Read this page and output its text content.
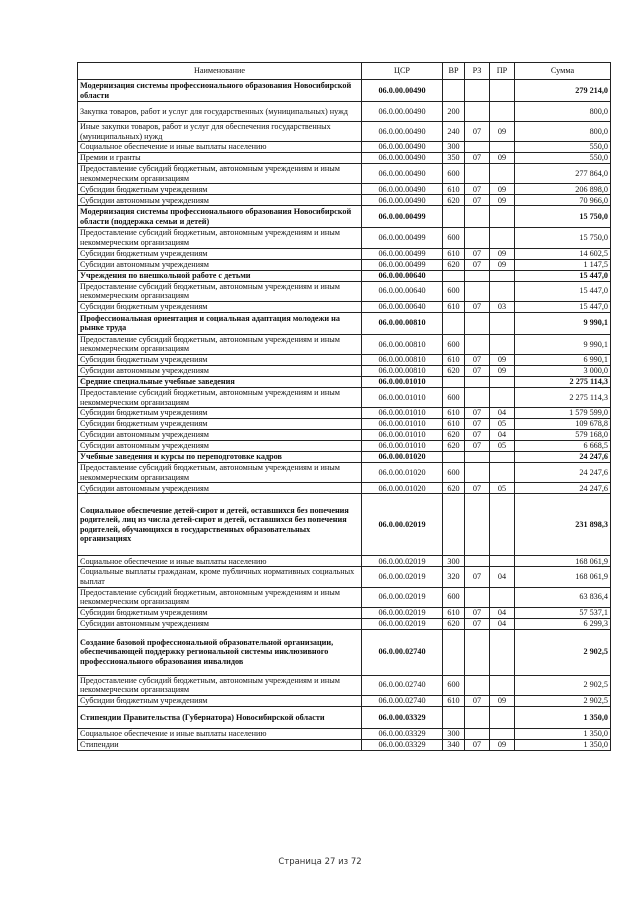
Наименование	ЦСР	ВР	РЗ	ПР	Сумма
Модернизация системы профессионального образования Новосибирской области	06.0.00.00490				279 214,0
Закупка товаров, работ и услуг для государственных (муниципальных) нужд	06.0.00.00490	200			800,0
Иные закупки товаров, работ и услуг для обеспечения государственных (муниципальных) нужд	06.0.00.00490	240	07	09	800,0
Социальное обеспечение и иные выплаты населению	06.0.00.00490	300			550,0
Премии и гранты	06.0.00.00490	350	07	09	550,0
Предоставление субсидий бюджетным, автономным учреждениям и иным некоммерческим организациям	06.0.00.00490	600			277 864,0
Субсидии бюджетным учреждениям	06.0.00.00490	610	07	09	206 898,0
Субсидии автономным учреждениям	06.0.00.00490	620	07	09	70 966,0
Модернизация системы профессионального образования Новосибирской области (поддержка семьи и детей)	06.0.00.00499				15 750,0
Предоставление субсидий бюджетным, автономным учреждениям и иным некоммерческим организациям	06.0.00.00499	600			15 750,0
Субсидии бюджетным учреждениям	06.0.00.00499	610	07	09	14 602,5
Субсидии автономным учреждениям	06.0.00.00499	620	07	09	1 147,5
Учреждения по внешкольной работе с детьми	06.0.00.00640				15 447,0
Предоставление субсидий бюджетным, автономным учреждениям и иным некоммерческим организациям	06.0.00.00640	600			15 447,0
Субсидии бюджетным учреждениям	06.0.00.00640	610	07	03	15 447,0
Профессиональная ориентация и социальная адаптация молодежи на рынке труда	06.0.00.00810				9 990,1
Предоставление субсидий бюджетным, автономным учреждениям и иным некоммерческим организациям	06.0.00.00810	600			9 990,1
Субсидии бюджетным учреждениям	06.0.00.00810	610	07	09	6 990,1
Субсидии автономным учреждениям	06.0.00.00810	620	07	09	3 000,0
Средние специальные учебные заведения	06.0.00.01010				2 275 114,3
Предоставление субсидий бюджетным, автономным учреждениям и иным некоммерческим организациям	06.0.00.01010	600			2 275 114,3
Субсидии бюджетным учреждениям	06.0.00.01010	610	07	04	1 579 599,0
Субсидии бюджетным учреждениям	06.0.00.01010	610	07	05	109 678,8
Субсидии автономным учреждениям	06.0.00.01010	620	07	04	579 168,0
Субсидии автономным учреждениям	06.0.00.01010	620	07	05	6 668,5
Учебные заведения и курсы по переподготовке кадров	06.0.00.01020				24 247,6
Предоставление субсидий бюджетным, автономным учреждениям и иным некоммерческим организациям	06.0.00.01020	600			24 247,6
Субсидии автономным учреждениям	06.0.00.01020	620	07	05	24 247,6
Социальное обеспечение детей-сирот и детей, оставшихся без попечения родителей, лиц из числа детей-сирот и детей, оставшихся без попечения родителей, обучающихся в государственных образовательных организациях	06.0.00.02019				231 898,3
Социальное обеспечение и иные выплаты населению	06.0.00.02019	300			168 061,9
Социальные выплаты гражданам, кроме публичных нормативных социальных выплат	06.0.00.02019	320	07	04	168 061,9
Предоставление субсидий бюджетным, автономным учреждениям и иным некоммерческим организациям	06.0.00.02019	600			63 836,4
Субсидии бюджетным учреждениям	06.0.00.02019	610	07	04	57 537,1
Субсидии автономным учреждениям	06.0.00.02019	620	07	04	6 299,3
Создание базовой профессиональной образовательной организации, обеспечивающей поддержку региональной системы инклюзивного профессионального образования инвалидов	06.0.00.02740				2 902,5
Предоставление субсидий бюджетным, автономным учреждениям и иным некоммерческим организациям	06.0.00.02740	600			2 902,5
Субсидии бюджетным учреждениям	06.0.00.02740	610	07	09	2 902,5
Стипендии Правительства (Губернатора) Новосибирской области	06.0.00.03329				1 350,0
Социальное обеспечение и иные выплаты населению	06.0.00.03329	300			1 350,0
Стипендии	06.0.00.03329	340	07	09	1 350,0
Страница 27 из 72
